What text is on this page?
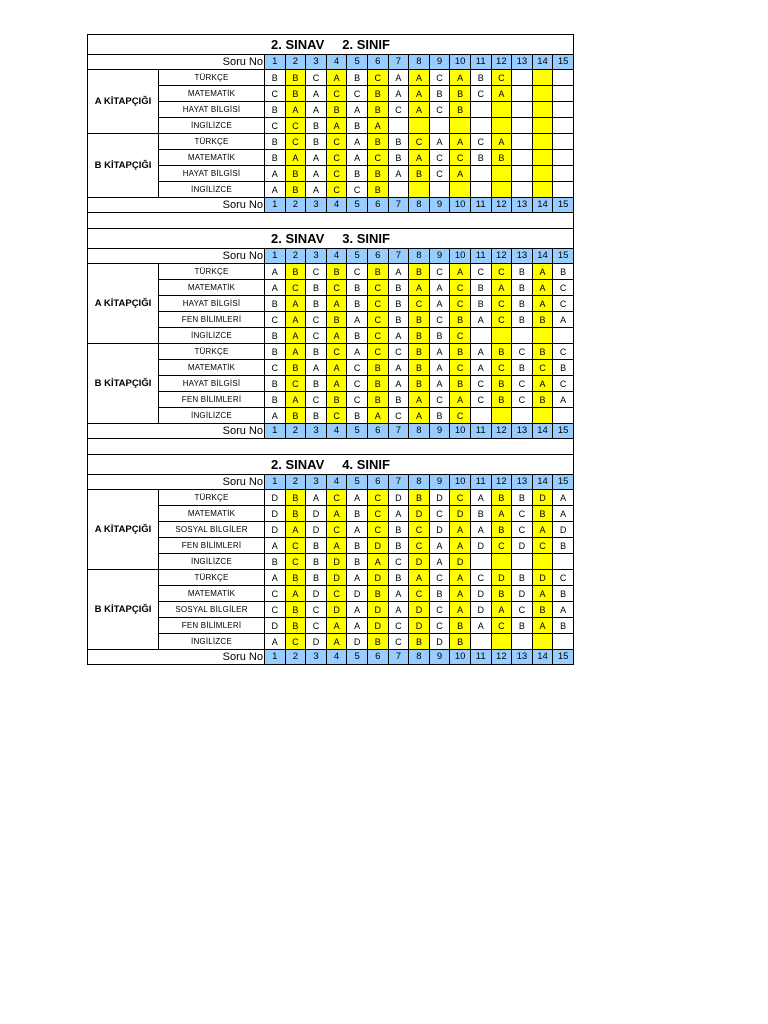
2. SINAV 2. SINIF																
Soru No		1	2	3	4	5	6	7	8	9	10	11	12	13	14	15
A KİTAPÇIĞI	TÜRKÇE	B	B	C	A	B	C	A	A	C	A	B	C			
	MATEMATİK	C	B	A	C	C	B	A	A	B	B	C	A			
	HAYAT BİLGİSİ	B	A	A	B	A	B	C	A	C	B					
	İNGİLİZCE	C	C	B	A	B	A									
B KİTAPÇIĞI	TÜRKÇE	B	C	B	C	A	B	B	C	A	A	C	A			
	MATEMATİK	B	A	A	C	A	C	B	A	C	C	B	B			
	HAYAT BİLGİSİ	A	B	A	C	B	B	A	B	C	A					
	İNGİLİZCE	A	B	A	C	C	B									
Soru No		1	2	3	4	5	6	7	8	9	10	11	12	13	14	15

2. SINAV 3. SINIF																
Soru No		1	2	3	4	5	6	7	8	9	10	11	12	13	14	15
A KİTAPÇIĞI	TÜRKÇE	A	B	C	B	C	B	A	B	C	A	C	C	B	A	B
	MATEMATİK	A	C	B	C	B	C	B	A	A	C	B	A	B	A	C
	HAYAT BİLGİSİ	B	A	B	A	B	C	B	C	A	C	B	C	B	A	C
	FEN BİLİMLERİ	C	A	C	B	A	C	B	B	C	B	A	C	B	B	A
	İNGİLİZCE	B	A	C	A	B	C	A	B	B	C					
B KİTAPÇIĞI	TÜRKÇE	B	A	B	C	A	C	C	B	A	B	A	B	C	B	C
	MATEMATİK	C	B	A	A	C	B	A	B	A	C	A	C	B	C	B
	HAYAT BİLGİSİ	B	C	B	A	C	B	A	B	A	B	C	B	C	A	C
	FEN BİLİMLERİ	B	A	C	B	C	B	B	A	C	A	C	B	C	B	A
	İNGİLİZCE	A	B	B	C	B	A	C	A	B	C					
Soru No		1	2	3	4	5	6	7	8	9	10	11	12	13	14	15

2. SINAV 4. SINIF																
Soru No		1	2	3	4	5	6	7	8	9	10	11	12	13	14	15
A KİTAPÇIĞI	TÜRKÇE	D	B	A	C	A	C	D	B	D	C	A	B	B	D	A
	MATEMATİK	D	B	D	A	B	C	A	D	C	D	B	A	C	B	A
	SOSYAL BİLGİLER	D	A	D	C	A	C	B	C	D	A	A	B	C	A	D
	FEN BİLİMLERİ	A	C	B	A	B	D	B	C	A	A	D	C	D	C	B
	İNGİLİZCE	B	C	B	D	B	A	C	D	A	D					
B KİTAPÇIĞI	TÜRKÇE	A	B	B	D	A	D	B	A	C	A	C	D	B	D	C
	MATEMATİK	C	A	D	C	D	B	A	C	B	A	D	B	D	A	B
	SOSYAL BİLGİLER	C	B	C	D	A	D	A	D	C	A	D	A	C	B	A
	FEN BİLİMLERİ	D	B	C	A	A	D	C	D	C	B	A	C	B	A	B
	İNGİLİZCE	A	C	D	A	D	B	C	B	D	B					
Soru No		1	2	3	4	5	6	7	8	9	10	11	12	13	14	15
